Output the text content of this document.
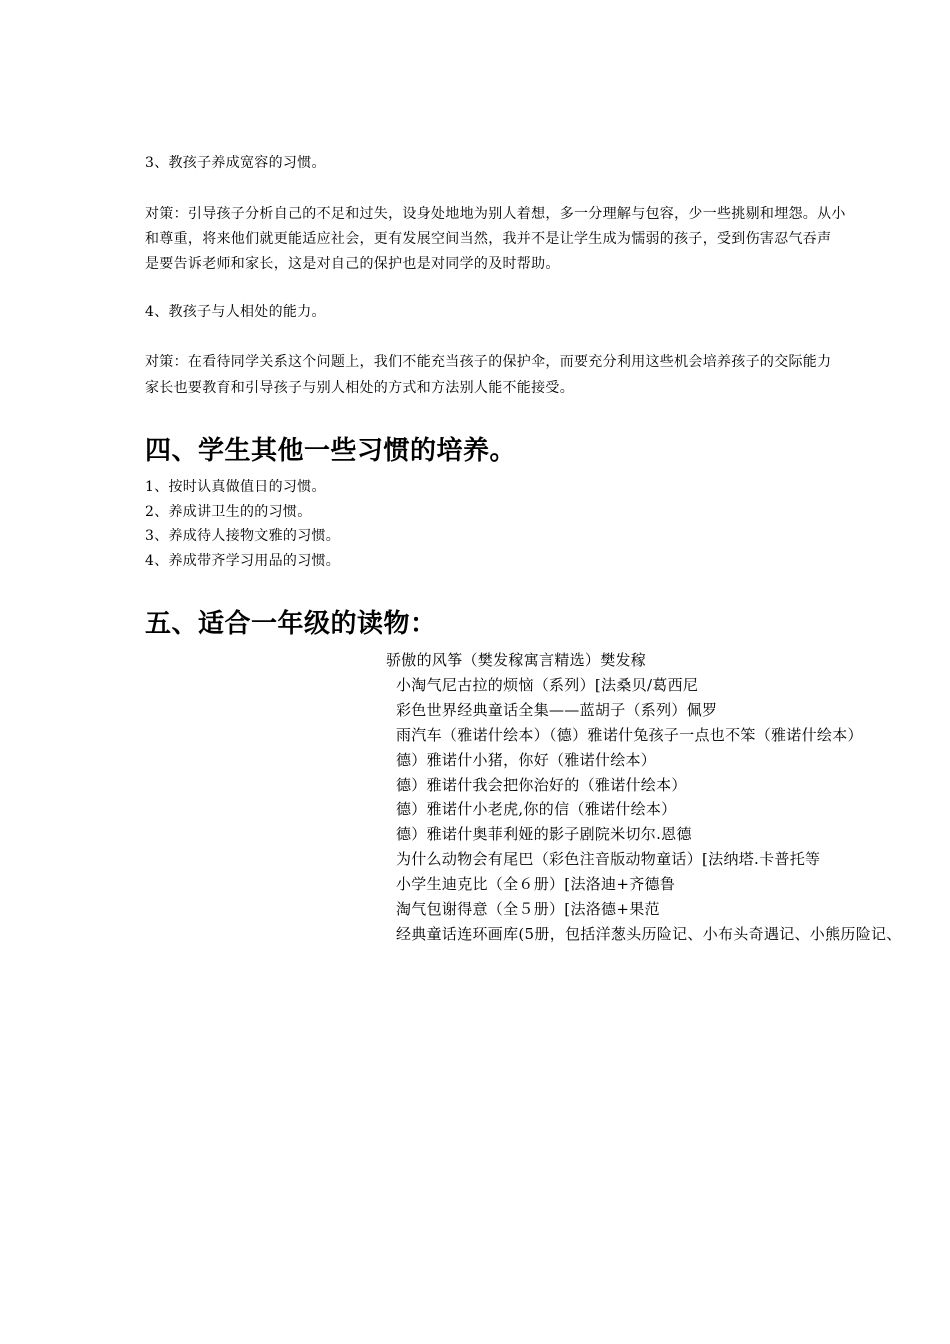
3、教孩子养成宽容的习惯。
对策：引导孩子分析自己的不足和过失，设身处地地为别人着想，多一分理解与包容，少一些挑剔和埋怨。从小
和尊重，将来他们就更能适应社会，更有发展空间当然，我并不是让学生成为懦弱的孩子，受到伤害忍气吞声
是要告诉老师和家长，这是对自己的保护也是对同学的及时帮助。
4、教孩子与人相处的能力。
对策：在看待同学关系这个问题上，我们不能充当孩子的保护伞，而要充分利用这些机会培养孩子的交际能力
家长也要教育和引导孩子与别人相处的方式和方法别人能不能接受。
四、学生其他一些习惯的培养。
1、按时认真做值日的习惯。
2、养成讲卫生的的习惯。
3、养成待人接物文雅的习惯。
4、养成带齐学习用品的习惯。
五、适合一年级的读物：
骄傲的风筝（樊发稼寓言精选）樊发稼
小淘气尼古拉的烦恼（系列）[法桑贝/葛西尼
彩色世界经典童话全集——蓝胡子（系列）佩罗
雨汽车（雅诺什绘本）（德）雅诺什兔孩子一点也不笨（雅诺什绘本）
德）雅诺什小猪，你好（雅诺什绘本）
德）雅诺什我会把你治好的（雅诺什绘本）
德）雅诺什小老虎,你的信（雅诺什绘本）
德）雅诺什奥菲利娅的影子剧院米切尔.恩德
为什么动物会有尾巴（彩色注音版动物童话）[法纳塔.卡普托等
小学生迪克比（全６册）[法洛迪+齐德鲁
淘气包谢得意（全５册）[法洛德+果范
经典童话连环画库(5册，包括洋葱头历险记、小布头奇遇记、小熊历险记、
